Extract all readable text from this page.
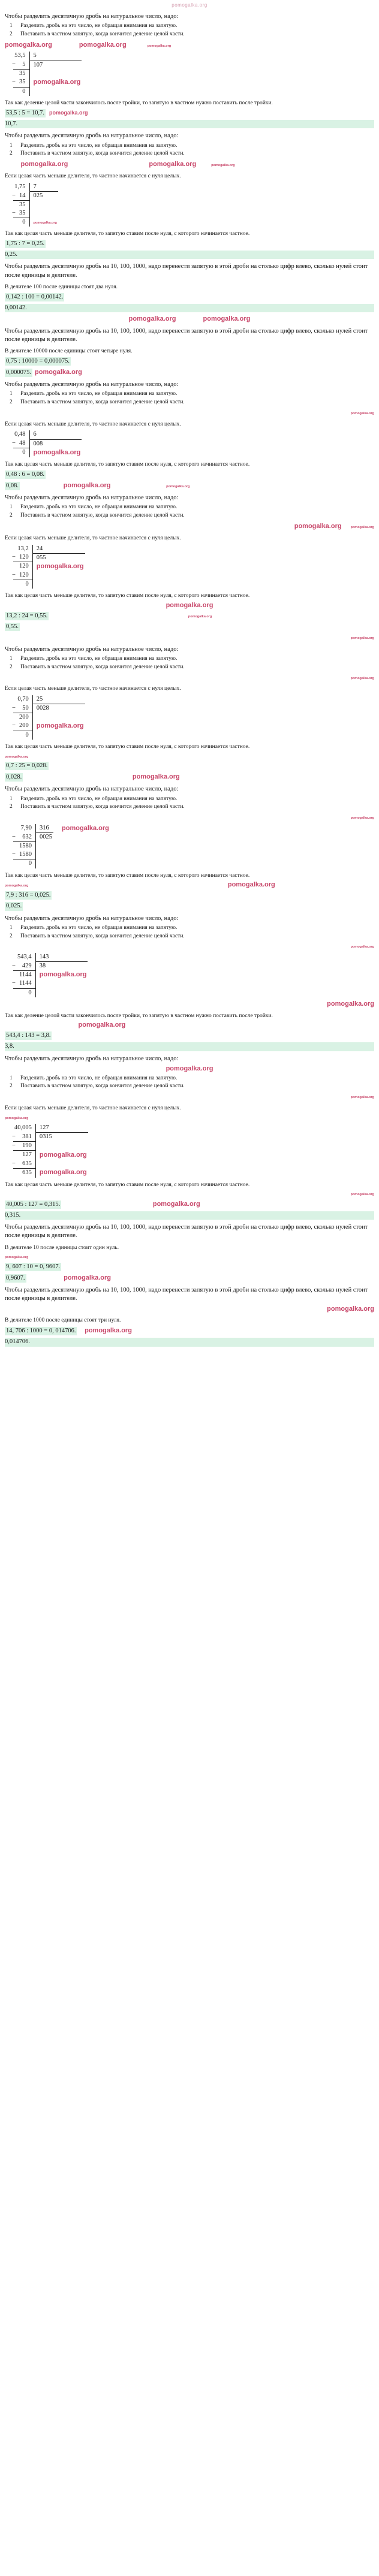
pomogalka.org
Чтобы разделить десятичную дробь на натуральное число, надо:
1 Разделить дробь на это число, не обращая внимания на запятую.
2 Поставить в частном запятую, когда кончится деление целой части.
pomogalka.org	pomogalka.org	pomogalka.org
53,5	5
− 5	107
35	
− 35	pomogalka.org
0	
Так как деление целой части закончилось после тройки, то запятую в частном нужно поставить после тройки.
53,5 : 5 = 10,7. pomogalka.org
10,7.
Чтобы разделить десятичную дробь на натуральное число, надо:
1 Разделить дробь на это число, не обращая внимания на запятую.
2 Поставить в частном запятую, когда кончится деление целой части.
pomogalka.org	pomogalka.org	pomogalka.org
Если целая часть меньше делителя, то частное начинается с нуля целых.
1,75	7
− 14	025
35	
− 35	
0	pomogalka.org
Так как целая часть меньше делителя, то запятую ставим после нуля, с которого начинается частное.
1,75 : 7 = 0,25.
0,25.
Чтобы разделить десятичную дробь на 10, 100, 1000, надо перенести запятую в этой дроби на столько цифр влево, сколько нулей стоит после единицы в делителе.
В делителе 100 после единицы стоят два нуля.
0,142 : 100 = 0,00142.
0,00142.
pomogalka.org	pomogalka.org
Чтобы разделить десятичную дробь на 10, 100, 1000, надо перенести запятую в этой дроби на столько цифр влево, сколько нулей стоит после единицы в делителе.
В делителе 10000 после единицы стоят четыре нуля.
0,75 : 10000 = 0,000075.
0,000075. pomogalka.org
Чтобы разделить десятичную дробь на натуральное число, надо:
1 Разделить дробь на это число, не обращая внимания на запятую.
2 Поставить в частном запятую, когда кончится деление целой части.
pomogalka.org
Если целая часть меньше делителя, то частное начинается с нуля целых.
0,48	6
− 48	008
0	pomogalka.org
Так как целая часть меньше делителя, то запятую ставим после нуля, с которого начинается частное.
0,48 : 6 = 0,08.
0,08.	pomogalka.org	pomogalka.org
Чтобы разделить десятичную дробь на натуральное число, надо:
1 Разделить дробь на это число, не обращая внимания на запятую.
2 Поставить в частном запятую, когда кончится деление целой части.
pomogalka.org	pomogalka.org
Если целая часть меньше делителя, то частное начинается с нуля целых.
13,2	24
− 120	055
120	pomogalka.org
− 120	
0	
Так как целая часть меньше делителя, то запятую ставим после нуля, с которого начинается частное.
pomogalka.org
13,2 : 24 = 0,55.	pomogalka.org
0,55.
pomogalka.org
Чтобы разделить десятичную дробь на натуральное число, надо:
1 Разделить дробь на это число, не обращая внимания на запятую.
2 Поставить в частном запятую, когда кончится деление целой части.
pomogalka.org
Если целая часть меньше делителя, то частное начинается с нуля целых.
0,70	25
− 50	0028
200	
− 200	pomogalka.org
0	
Так как целая часть меньше делителя, то запятую ставим после нуля, с которого начинается частное.
pomogalka.org
0,7 : 25 = 0,028.
0,028.	pomogalka.org
Чтобы разделить десятичную дробь на натуральное число, надо:
1 Разделить дробь на это число, не обращая внимания на запятую.
2 Поставить в частном запятую, когда кончится деление целой части.
pomogalka.org
7,90	316	pomogalka.org
− 632	0025	
1580		
− 1580		
0		
Так как целая часть меньше делителя, то запятую ставим после нуля, с которого начинается частное.
pomogalka.org	pomogalka.org
7,9 : 316 = 0,025.
0,025.
Чтобы разделить десятичную дробь на натуральное число, надо:
1 Разделить дробь на это число, не обращая внимания на запятую.
2 Поставить в частном запятую, когда кончится деление целой части.
pomogalka.org
543,4	143
− 429	38
1144	pomogalka.org
− 1144	
0	
pomogalka.org
Так как деление целой части закончилось после тройки, то запятую в частном нужно поставить после тройки.
pomogalka.org
543,4 : 143 = 3,8.
3,8.
Чтобы разделить десятичную дробь на натуральное число, надо:
pomogalka.org
1 Разделить дробь на это число, не обращая внимания на запятую.
2 Поставить в частном запятую, когда кончится деление целой части.
pomogalka.org
Если целая часть меньше делителя, то частное начинается с нуля целых.
pomogalka.org
40,005	127
− 381	0315
− 190	
127	pomogalka.org
− 635	
635	pomogalka.org
Так как целая часть меньше делителя, то запятую ставим после нуля, с которого начинается частное.
pomogalka.org
40,005 : 127 = 0,315.	pomogalka.org
0,315.
Чтобы разделить десятичную дробь на 10, 100, 1000, надо перенести запятую в этой дроби на столько цифр влево, сколько нулей стоит после единицы в делителе.
В делителе 10 после единицы стоит один нуль.
pomogalka.org
9, 607 : 10 = 0, 9607.
0,9607.	pomogalka.org
Чтобы разделить десятичную дробь на 10, 100, 1000, надо перенести запятую в этой дроби на столько цифр влево, сколько нулей стоит после единицы в делителе.
pomogalka.org
В делителе 1000 после единицы стоят три нуля.
14, 706 : 1000 = 0, 014706. pomogalka.org
0,014706.
